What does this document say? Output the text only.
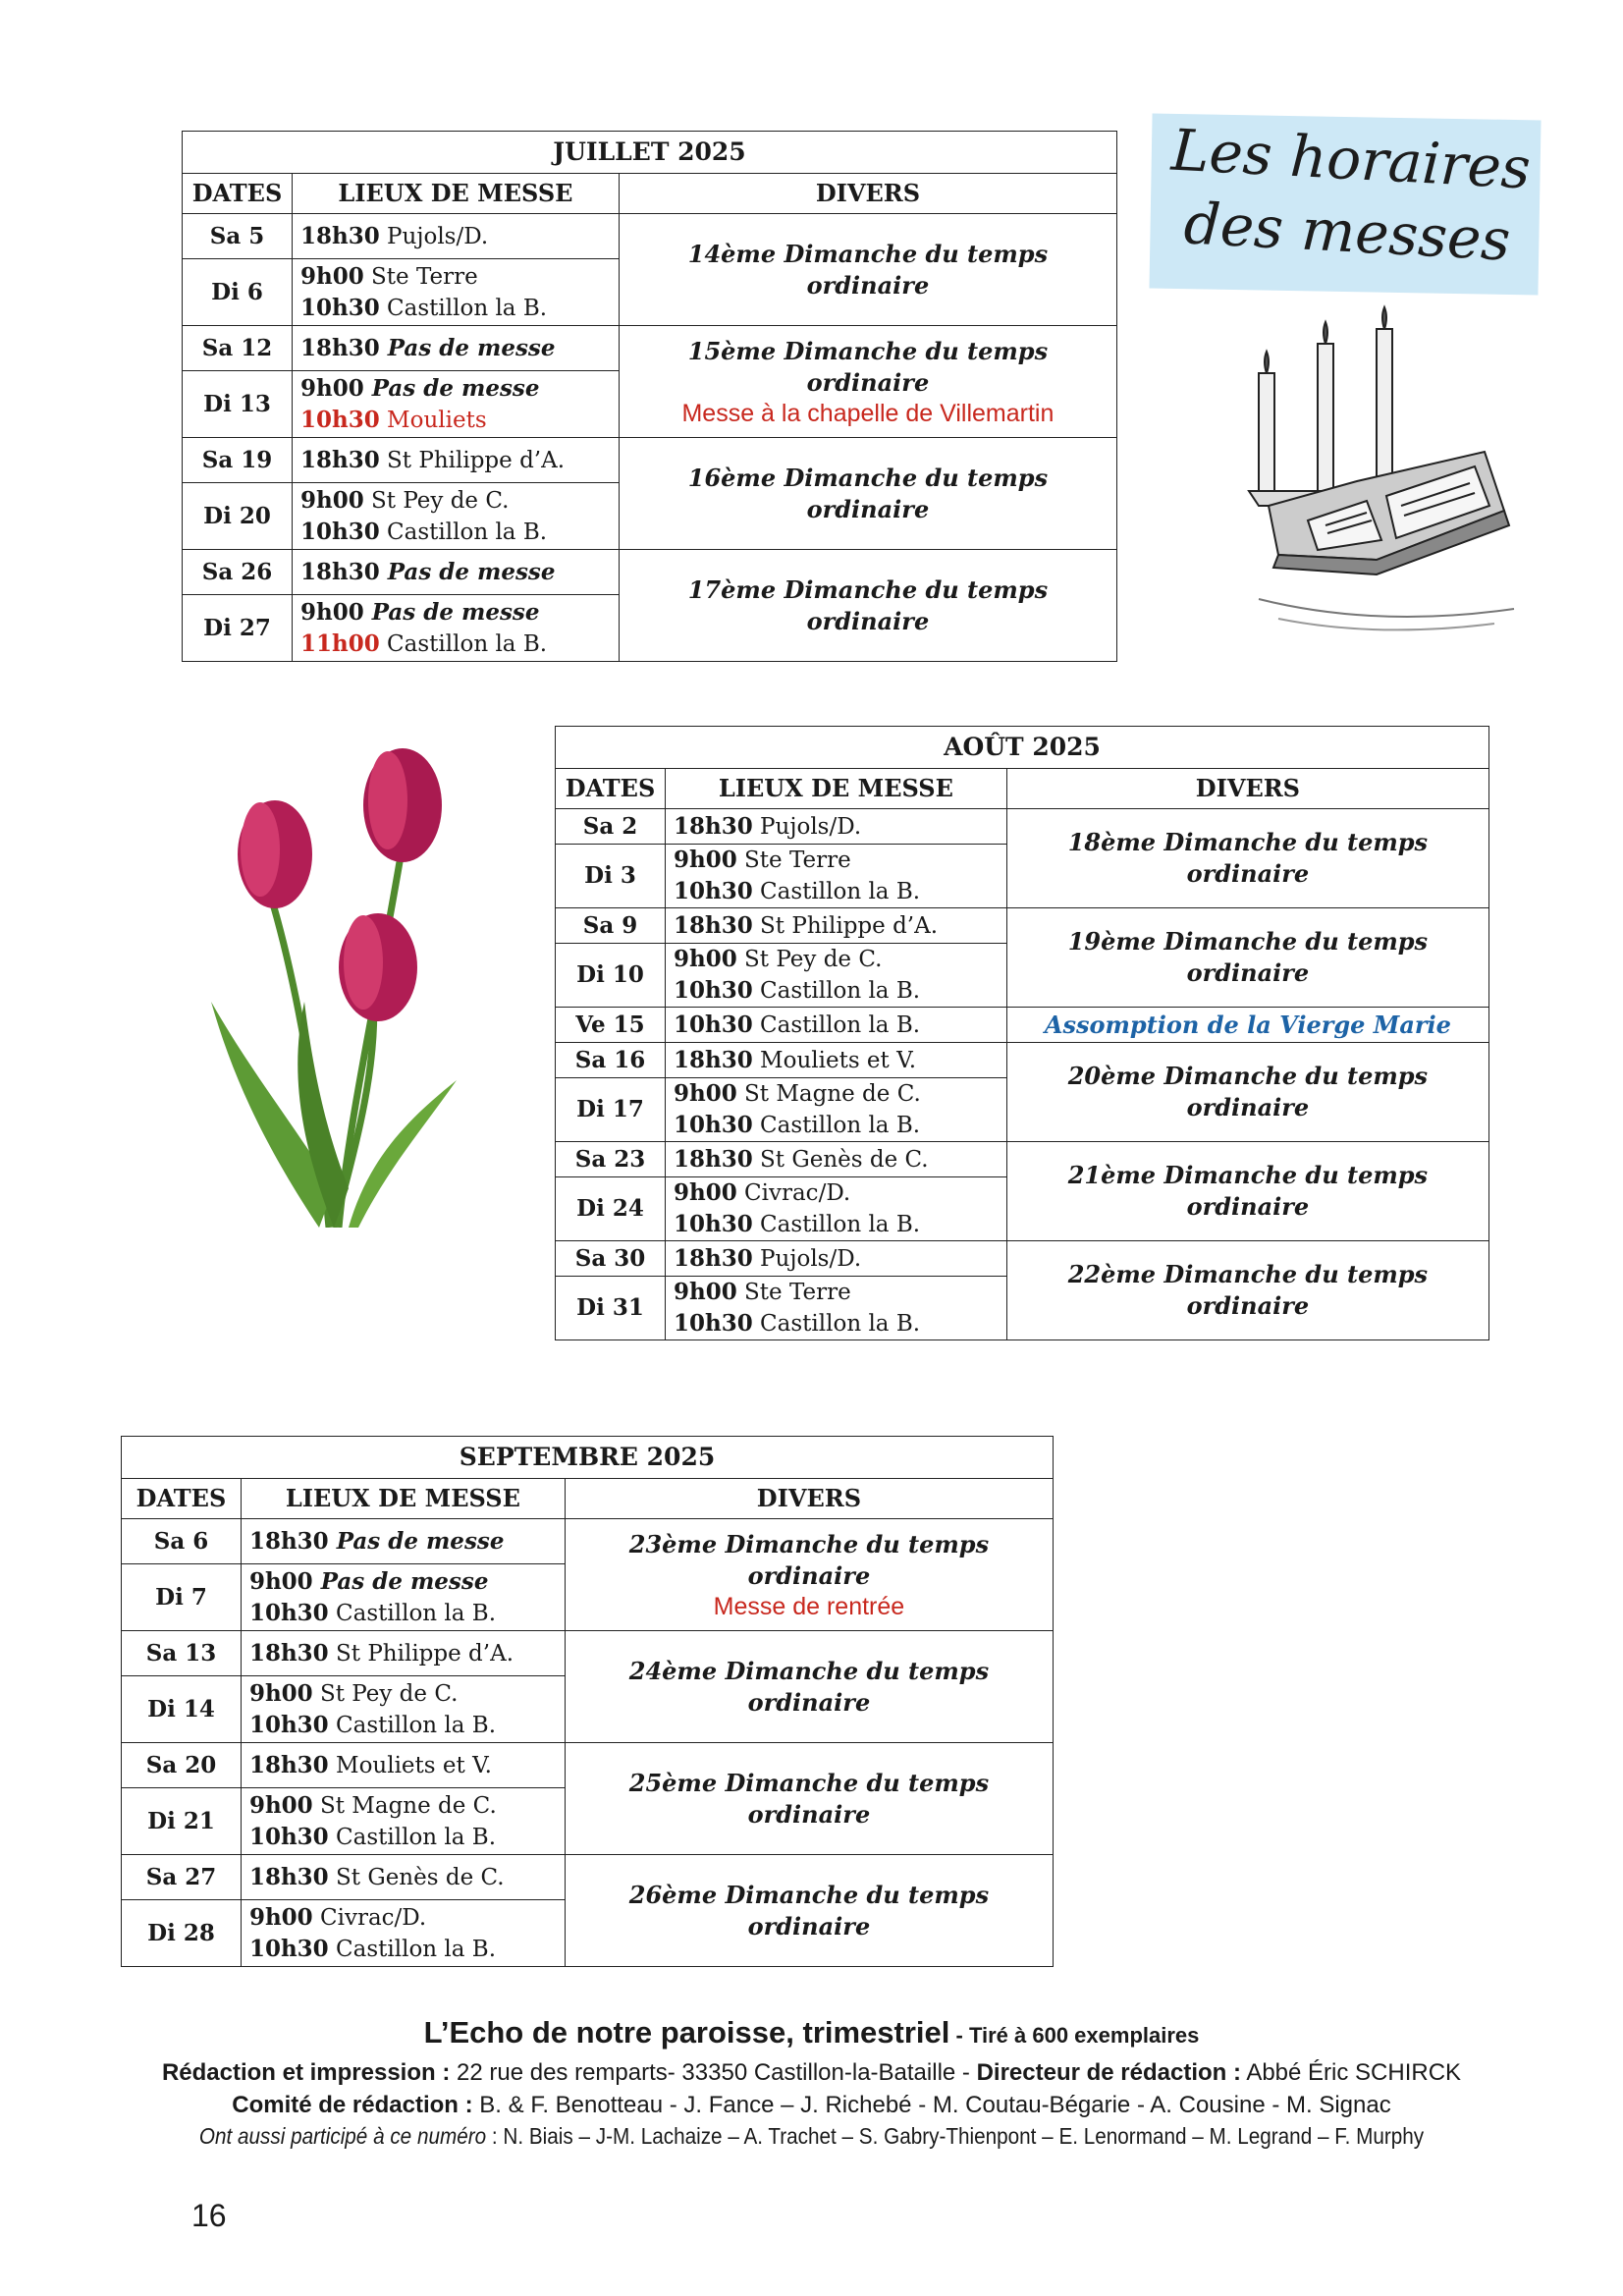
Les horaires
des messes
JUILLET 2025		
DATES	LIEUX DE MESSE	DIVERS
Sa 5	18h30 Pujols/D.	14ème Dimanche du temps ordinaire
Di 6	9h00 Ste Terre
10h30 Castillon la B.	

Sa 12	18h30 Pas de messe	15ème Dimanche du temps ordinaire
Messe à la chapelle de Villemartin

Di 13	9h00 Pas de messe
10h30 Mouliets	

Sa 19	18h30 St Philippe d’A.	16ème Dimanche du temps ordinaire
Di 20	9h00 St Pey de C.
10h30 Castillon la B.	

Sa 26	18h30 Pas de messe	17ème Dimanche du temps ordinaire
Di 27	9h00 Pas de messe
11h00 Castillon la B.	
AOÛT 2025		
DATES	LIEUX DE MESSE	DIVERS
Sa 2	18h30 Pujols/D.	18ème Dimanche du temps ordinaire
Di 3	9h00 Ste Terre
10h30 Castillon la B.	

Sa 9	18h30 St Philippe d’A.	19ème Dimanche du temps ordinaire
Di 10	9h00 St Pey de C.
10h30 Castillon la B.	

Ve 15	10h30 Castillon la B.	Assomption de la Vierge Marie
Sa 16	18h30 Mouliets et V.	20ème Dimanche du temps ordinaire
Di 17	9h00 St Magne de C.
10h30 Castillon la B.	

Sa 23	18h30 St Genès de C.	21ème Dimanche du temps ordinaire
Di 24	9h00 Civrac/D.
10h30 Castillon la B.	

Sa 30	18h30 Pujols/D.	22ème Dimanche du temps ordinaire
Di 31	9h00 Ste Terre
10h30 Castillon la B.	
SEPTEMBRE 2025		
DATES	LIEUX DE MESSE	DIVERS
Sa 6	18h30 Pas de messe	23ème Dimanche du temps ordinaire
Messe de rentrée

Di 7	9h00 Pas de messe
10h30 Castillon la B.	

Sa 13	18h30 St Philippe d’A.	24ème Dimanche du temps ordinaire
Di 14	9h00 St Pey de C.
10h30 Castillon la B.	

Sa 20	18h30 Mouliets et V.	25ème Dimanche du temps ordinaire
Di 21	9h00 St Magne de C.
10h30 Castillon la B.	

Sa 27	18h30 St Genès de C.	26ème Dimanche du temps ordinaire
Di 28	9h00 Civrac/D.
10h30 Castillon la B.	
L’Echo de notre paroisse, trimestriel - Tiré à 600 exemplaires
Rédaction et impression : 22 rue des remparts- 33350 Castillon-la-Bataille - Directeur de rédaction : Abbé Éric SCHIRCK
Comité de rédaction : B. & F. Benotteau - J. Fance – J. Richebé - M. Coutau-Bégarie - A. Cousine - M. Signac
Ont aussi participé à ce numéro : N. Biais – J-M. Lachaize – A. Trachet – S. Gabry-Thienpont – E. Lenormand – M. Legrand – F. Murphy
16
